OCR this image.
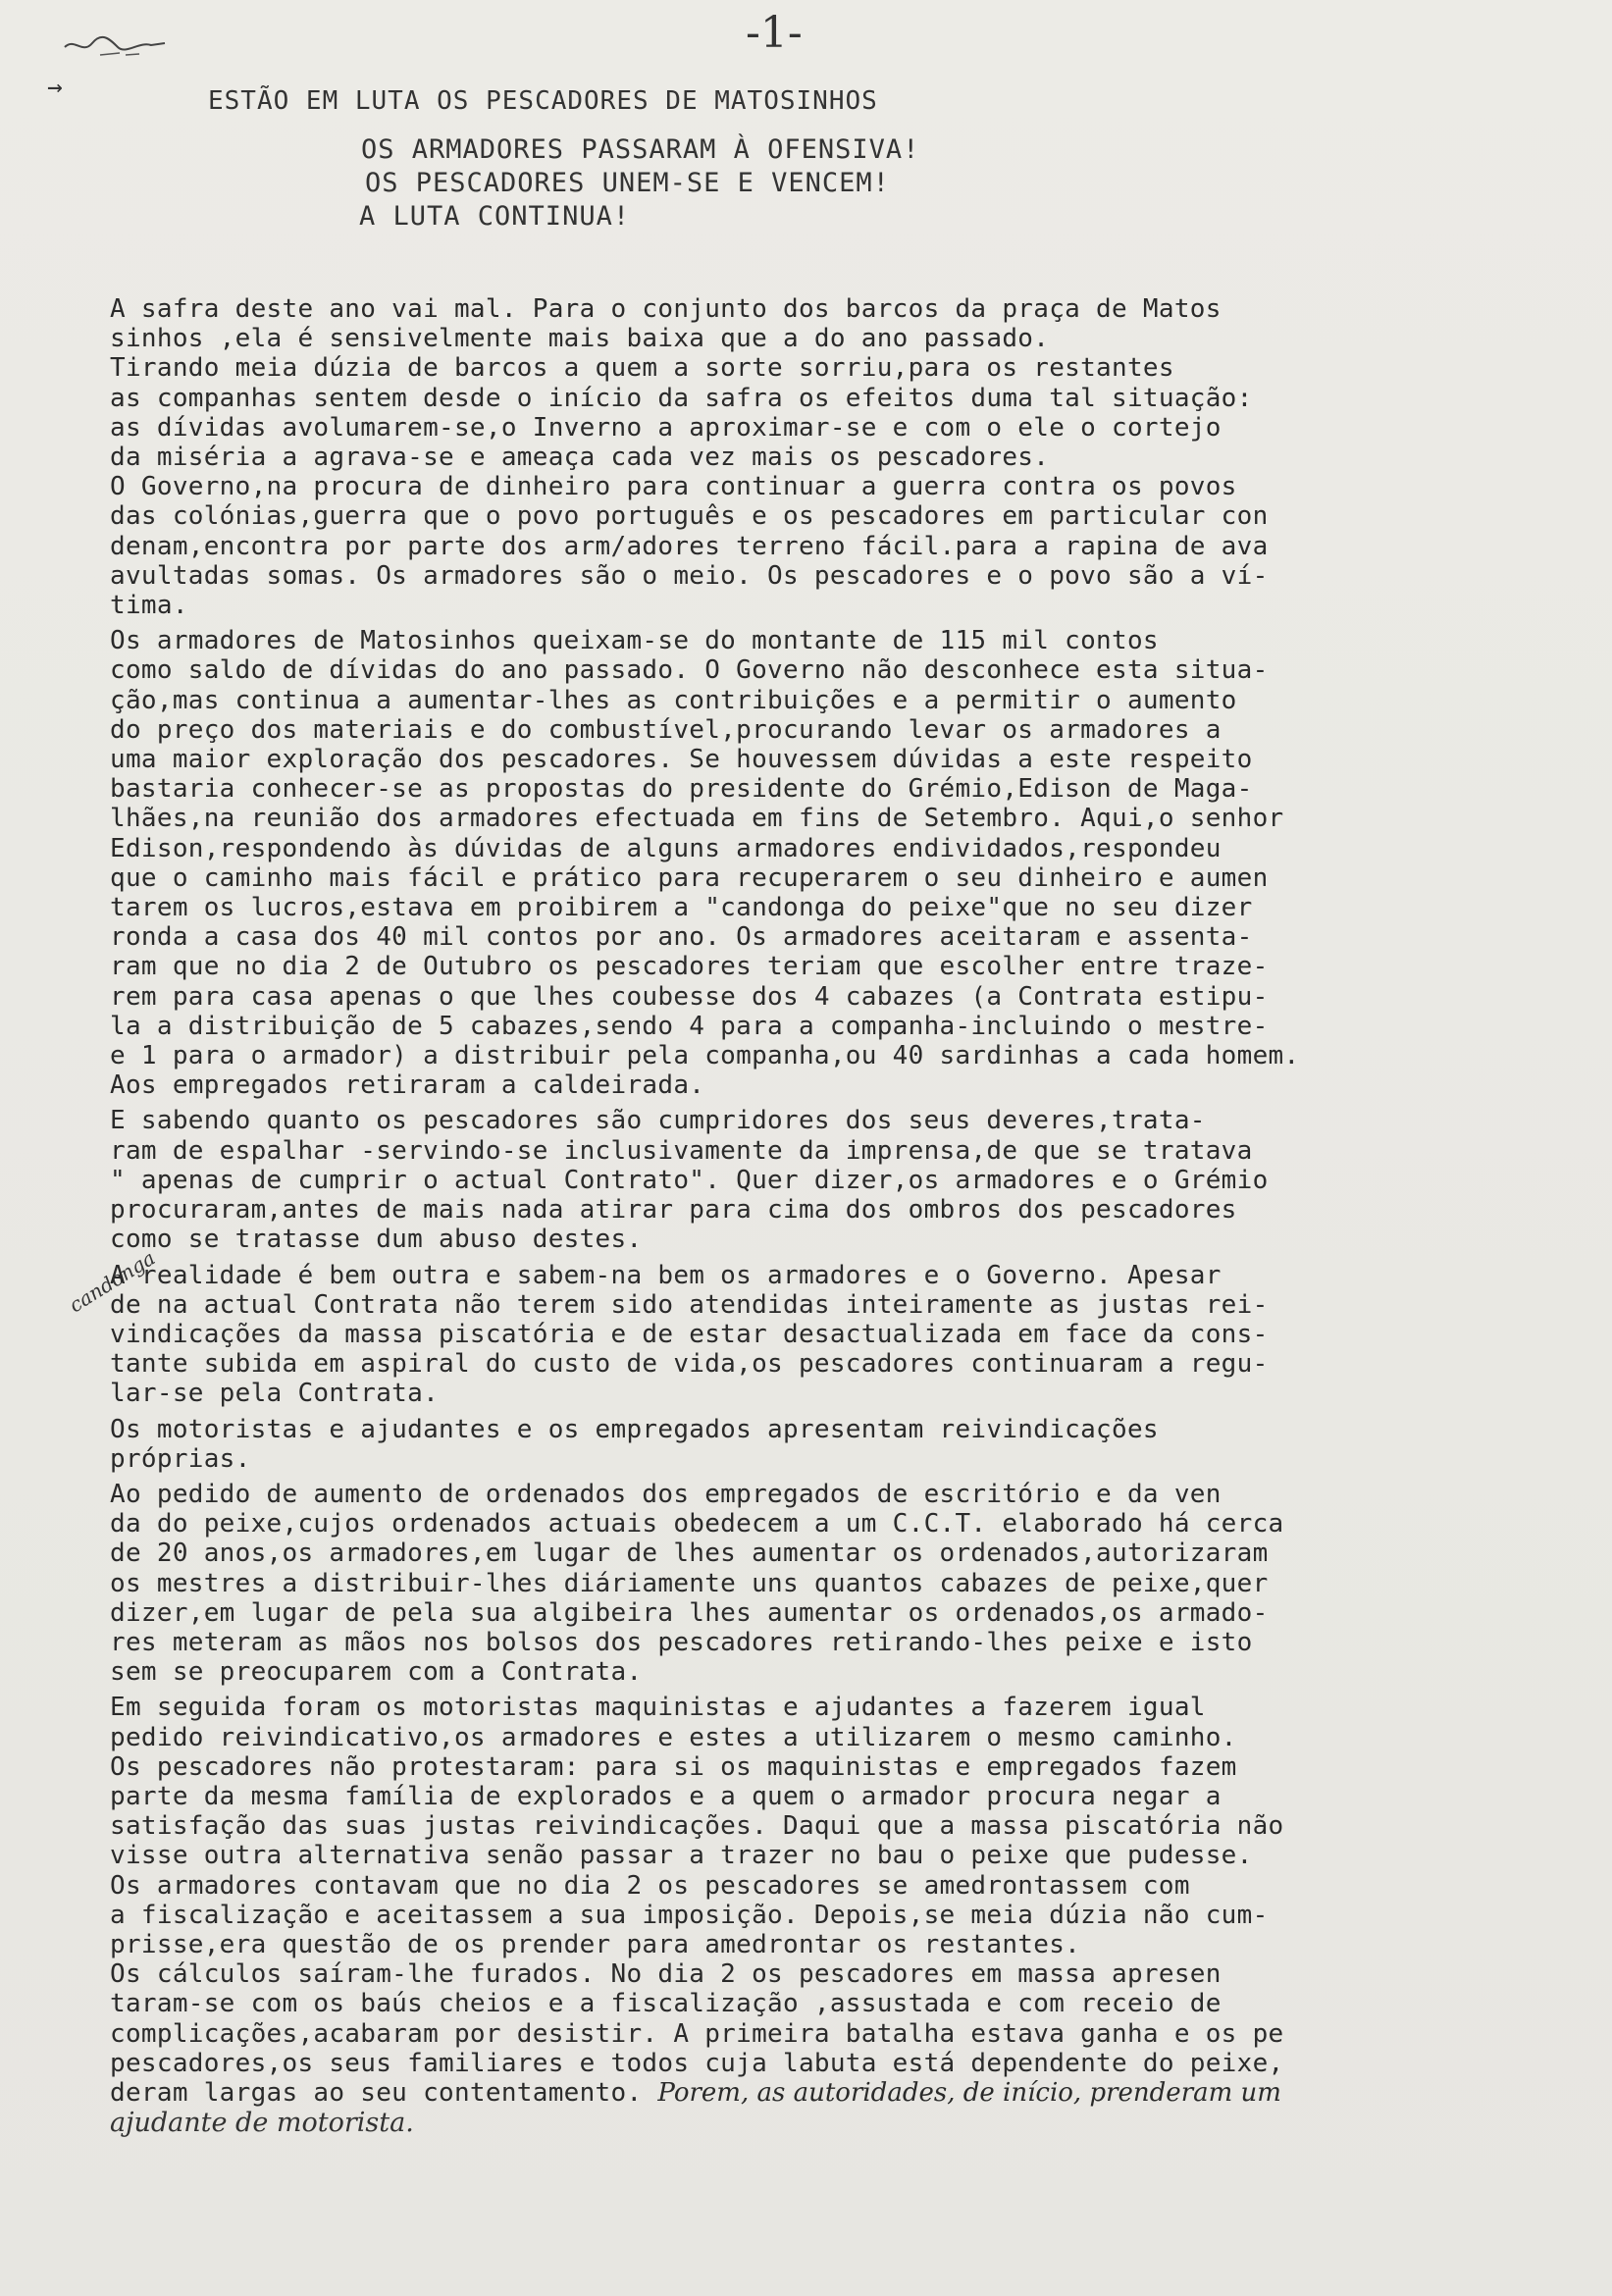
-1-
→	ESTÃO EM LUTA OS PESCADORES DE MATOSINHOS
OS ARMADORES PASSARAM À OFENSIVA!
OS PESCADORES UNEM-SE E VENCEM!
A LUTA CONTINUA!
candonga
A safra deste ano vai mal. Para o conjunto dos barcos da praça de Matos
sinhos ,ela é sensivelmente mais baixa que a do ano passado.
Tirando meia dúzia de barcos a quem a sorte sorriu,para os restantes
as companhas sentem desde o início da safra os efeitos duma tal situação:
as dívidas avolumarem-se,o Inverno a aproximar-se e com o ele o cortejo
da miséria a agrava-se e ameaça cada vez mais os pescadores.
O Governo,na procura de dinheiro para continuar a guerra contra os povos
das colónias,guerra que o povo português e os pescadores em particular con
denam,encontra por parte dos arm/adores terreno fácil.para a rapina de ava
avultadas somas. Os armadores são o meio. Os pescadores e o povo são a ví-
tima.
Os armadores de Matosinhos queixam-se do montante de 115 mil contos
como saldo de dívidas do ano passado. O Governo não desconhece esta situa-
ção,mas continua a aumentar-lhes as contribuições e a permitir o aumento
do preço dos materiais e do combustível,procurando levar os armadores a
uma maior exploração dos pescadores. Se houvessem dúvidas a este respeito
bastaria conhecer-se as propostas do presidente do Grémio,Edison de Maga-
lhães,na reunião dos armadores efectuada em fins de Setembro. Aqui,o senhor
Edison,respondendo às dúvidas de alguns armadores endividados,respondeu
que o caminho mais fácil e prático para recuperarem o seu dinheiro e aumen
tarem os lucros,estava em proibirem a "candonga do peixe"que no seu dizer
ronda a casa dos 40 mil contos por ano. Os armadores aceitaram e assenta-
ram que no dia 2 de Outubro os pescadores teriam que escolher entre traze-
rem para casa apenas o que lhes coubesse dos 4 cabazes (a Contrata estipu-
la a distribuição de 5 cabazes,sendo 4 para a companha-incluindo o mestre-
e 1 para o armador) a distribuir pela companha,ou 40 sardinhas a cada homem.
Aos empregados retiraram a caldeirada.
E sabendo quanto os pescadores são cumpridores dos seus deveres,trata-
ram de espalhar -servindo-se inclusivamente da imprensa,de que se tratava
" apenas de cumprir o actual Contrato". Quer dizer,os armadores e o Grémio
procuraram,antes de mais nada atirar para cima dos ombros dos pescadores
como se tratasse dum abuso destes.
A realidade é bem outra e sabem-na bem os armadores e o Governo. Apesar
de na actual Contrata não terem sido atendidas inteiramente as justas rei-
vindicações da massa piscatória e de estar desactualizada em face da cons-
tante subida em aspiral do custo de vida,os pescadores continuaram a regu-
lar-se pela Contrata.
Os motoristas e ajudantes e os empregados apresentam reivindicações
próprias.
Ao pedido de aumento de ordenados dos empregados de escritório e da ven
da do peixe,cujos ordenados actuais obedecem a um C.C.T. elaborado há cerca
de 20 anos,os armadores,em lugar de lhes aumentar os ordenados,autorizaram
os mestres a distribuir-lhes diáriamente uns quantos cabazes de peixe,quer
dizer,em lugar de pela sua algibeira lhes aumentar os ordenados,os armado-
res meteram as mãos nos bolsos dos pescadores retirando-lhes peixe e isto
sem se preocuparem com a Contrata.
Em seguida foram os motoristas maquinistas e ajudantes a fazerem igual
pedido reivindicativo,os armadores e estes a utilizarem o mesmo caminho.
Os pescadores não protestaram: para si os maquinistas e empregados fazem
parte da mesma família de explorados e a quem o armador procura negar a
satisfação das suas justas reivindicações. Daqui que a massa piscatória não
visse outra alternativa senão passar a trazer no bau o peixe que pudesse.
Os armadores contavam que no dia 2 os pescadores se amedrontassem com
a fiscalização e aceitassem a sua imposição. Depois,se meia dúzia não cum-
prisse,era questão de os prender para amedrontar os restantes.
Os cálculos saíram-lhe furados. No dia 2 os pescadores em massa apresen
taram-se com os baús cheios e a fiscalização ,assustada e com receio de
complicações,acabaram por desistir. A primeira batalha estava ganha e os pe
pescadores,os seus familiares e todos cuja labuta está dependente do peixe,
deram largas ao seu contentamento. Porem, as autoridades, de início, prenderam um
ajudante de motorista.
